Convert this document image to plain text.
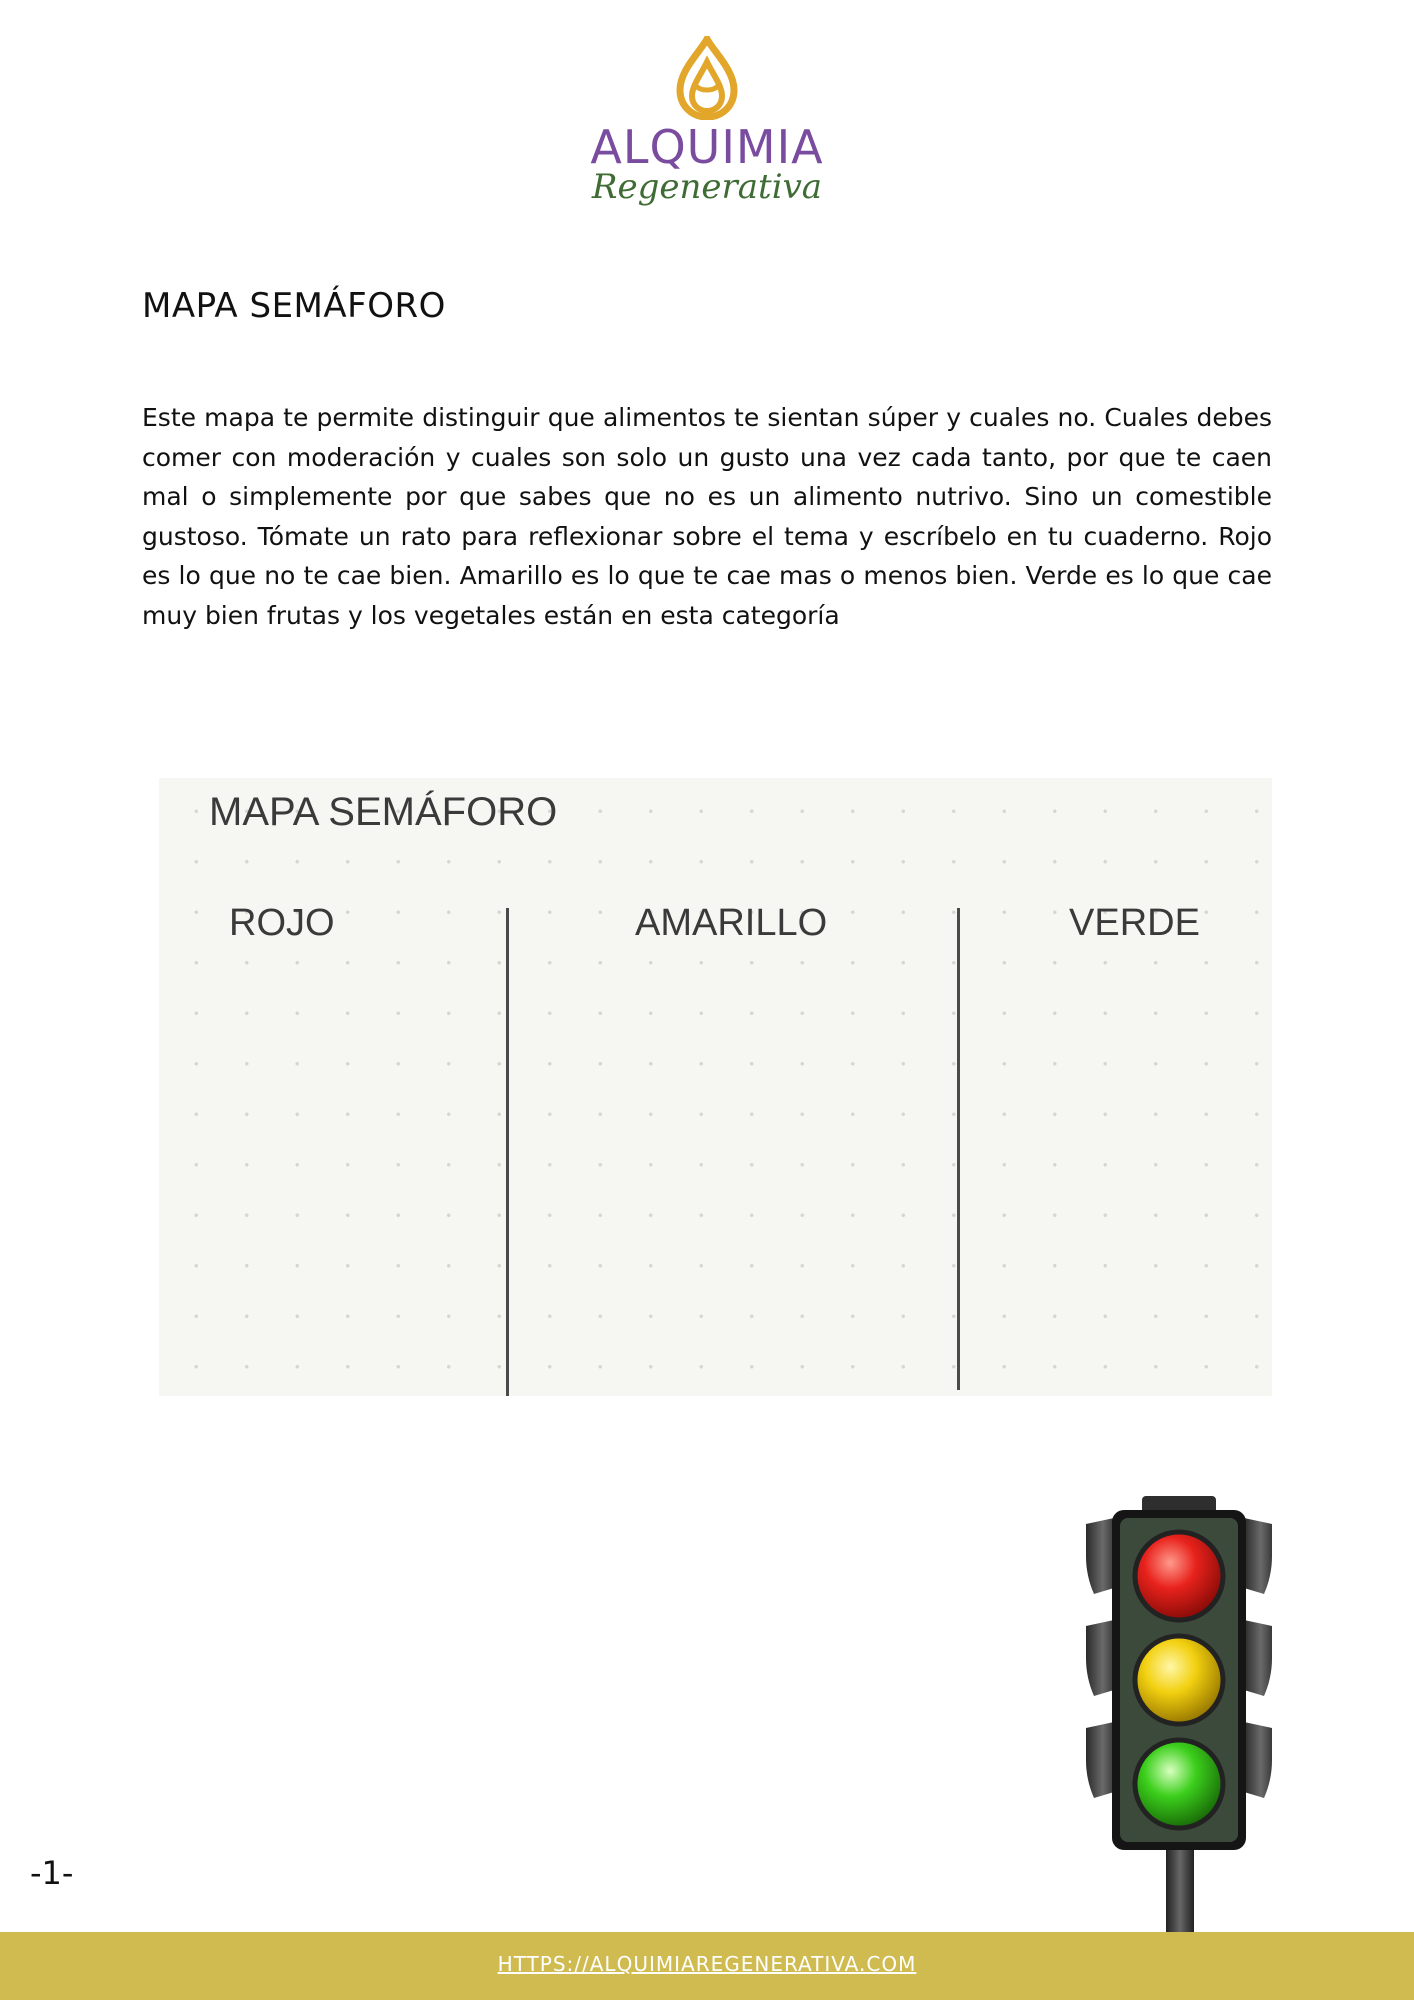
ALQUIMIA
Regenerativa
MAPA SEMÁFORO

Este mapa te permite distinguir que alimentos te sientan súper y cuales no. Cuales debes comer con moderación y cuales son solo un gusto una vez cada tanto, por que te caen mal o simplemente por que sabes que no es un alimento nutrivo. Sino un comestible gustoso. Tómate un rato para reflexionar sobre el tema y escríbelo en tu cuaderno. Rojo es lo que no te cae bien. Amarillo es lo que te cae mas o menos bien. Verde es lo que cae muy bien frutas y los vegetales están en esta categoría

MAPA SEMÁFORO
ROJO	AMARILLO	VERDE
-1-
HTTPS://ALQUIMIAREGENERATIVA.COM
